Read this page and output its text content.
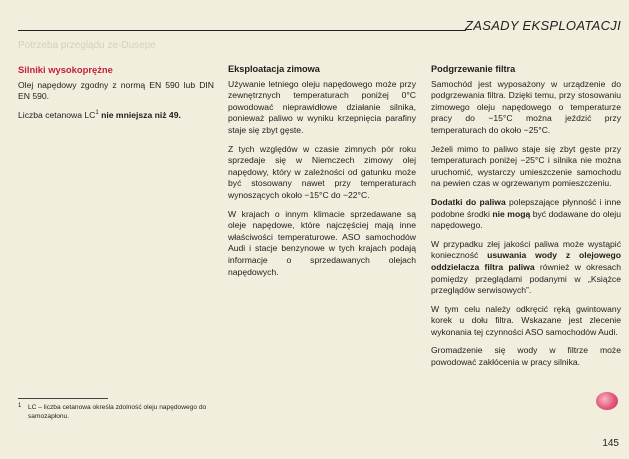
ZASADY EKSPLOATACJI
Potrzeba przeglądu ze-Dusepe
Silniki wysokoprężne

Olej napędowy zgodny z normą EN 590 lub DIN EN 590.

Liczba cetanowa $LC^1$ nie mniejsza niż 49.

Eksploatacja zimowa

Używanie letniego oleju napędowego może przy zewnętrznych temperaturach poniżej 0°C powodować nieprawidłowe działanie silnika, ponieważ paliwo w wyniku krzepnięcia parafiny staje się zbyt gęste.

Z tych względów w czasie zimnych pór roku sprzedaje się w Niemczech zimowy olej napędowy, który w zależności od gatunku może być stosowany nawet przy temperaturach wynoszących około −15°C do −22°C.

W krajach o innym klimacie sprzedawane są oleje napędowe, które najczęściej mają inne właściwości temperaturowe. ASO samochodów Audi i stacje benzynowe w tych krajach podają informacje o sprzedawanych olejach napędowych.

Podgrzewanie filtra

Samochód jest wyposażony w urządzenie do podgrzewania filtra. Dzięki temu, przy stosowaniu zimowego oleju napędowego o temperaturze pracy do −15°C można jeździć przy temperaturach do około −25°C.

Jeżeli mimo to paliwo staje się zbyt gęste przy temperaturach poniżej −25°C i silnika nie można uruchomić, wystarczy umieszczenie samochodu na pewien czas w ogrzewanym pomieszczeniu.

Dodatki do paliwa polepszające płynność i inne podobne środki nie mogą być dodawane do oleju napędowego.

W przypadku złej jakości paliwa może wystąpić konieczność usuwania wody z olejowego oddzielacza filtra paliwa również w okresach pomiędzy przeglądami podanymi w „Książce przeglądów serwisowych”.

W tym celu należy odkręcić ręką gwintowany korek u dołu filtra. Wskazane jest zlecenie wykonania tej czynności ASO samochodów Audi.

Gromadzenie się wody w filtrze może powodować zakłócenia w pracy silnika.

1 LC – liczba cetanowa określa zdolność oleju napędowego do samozapłonu.
145
